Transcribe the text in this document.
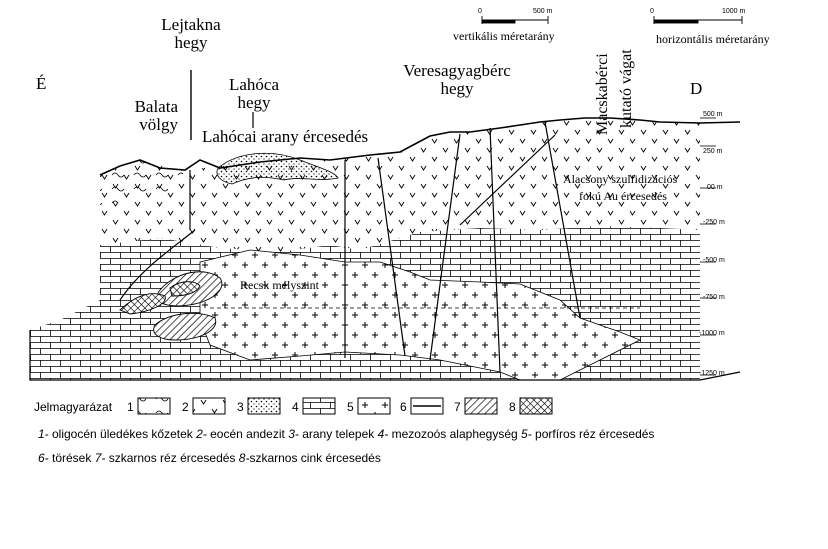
É	D
Lejtakna
hegy
Lahóca
hegy
Balata
völgy
Lahócai arany ércesedés
Veresagyagbérc
hegy	Macskabérci kutató vágat
Alacsony szulfidizációs
fokú Au ércesedés
Recsk mélyszint
0	500 m
vertikális méretarány
0	1000 m
horizontális méretarány
500 m
250 m
00 m
-250 m
-500 m
-750 m
-1000 m
-1250 m
Jelmagyarázat 1	2	3	4	5	6	7	8
1- oligocén üledékes kőzetek 2- eocén andezit 3- arany telepek 4- mezozoós alaphegység 5- porfíros réz ércesedés
6- törések 7- szkarnos réz ércesedés 8-szkarnos cink ércesedés
